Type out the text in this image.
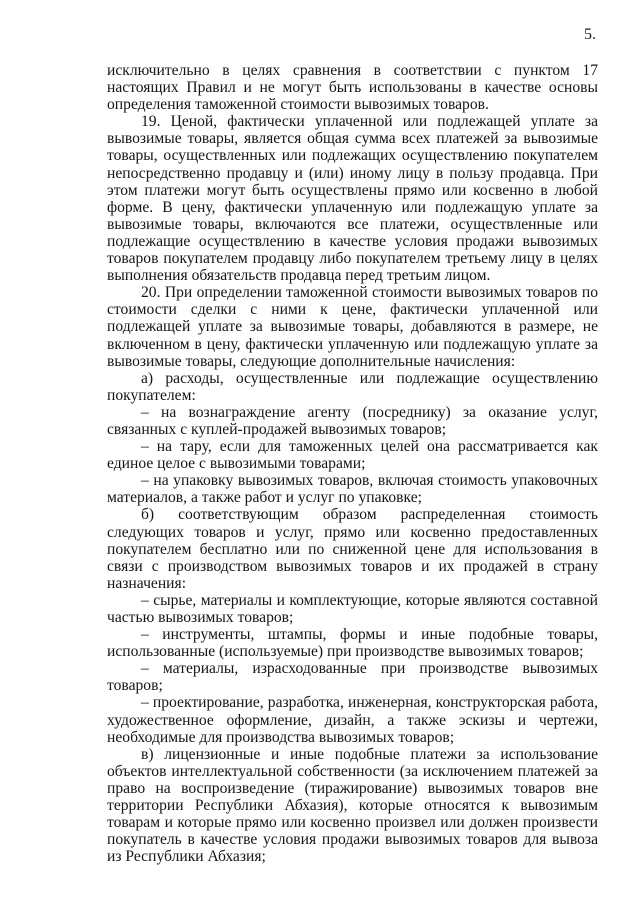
5.

исключительно в целях сравнения в соответствии с пунктом 17 настоящих Правил и не могут быть использованы в качестве основы определения таможенной стоимости вывозимых товаров.

19. Ценой, фактически уплаченной или подлежащей уплате за вывозимые товары, является общая сумма всех платежей за вывозимые товары, осуществленных или подлежащих осуществлению покупателем непосредственно продавцу и (или) иному лицу в пользу продавца. При этом платежи могут быть осуществлены прямо или косвенно в любой форме. В цену, фактически уплаченную или подлежащую уплате за вывозимые товары, включаются все платежи, осуществленные или подлежащие осуществлению в качестве условия продажи вывозимых товаров покупателем продавцу либо покупателем третьему лицу в целях выполнения обязательств продавца перед третьим лицом.

20. При определении таможенной стоимости вывозимых товаров по стоимости сделки с ними к цене, фактически уплаченной или подлежащей уплате за вывозимые товары, добавляются в размере, не включенном в цену, фактически уплаченную или подлежащую уплате за вывозимые товары, следующие дополнительные начисления:

а) расходы, осуществленные или подлежащие осуществлению покупателем:

– на вознаграждение агенту (посреднику) за оказание услуг, связанных с куплей-продажей вывозимых товаров;

– на тару, если для таможенных целей она рассматривается как единое целое с вывозимыми товарами;

– на упаковку вывозимых товаров, включая стоимость упаковочных материалов, а также работ и услуг по упаковке;

б) соответствующим образом распределенная стоимость следующих товаров и услуг, прямо или косвенно предоставленных покупателем бесплатно или по сниженной цене для использования в связи с производством вывозимых товаров и их продажей в страну назначения:

– сырье, материалы и комплектующие, которые являются составной частью вывозимых товаров;

– инструменты, штампы, формы и иные подобные товары, использованные (используемые) при производстве вывозимых товаров;

– материалы, израсходованные при производстве вывозимых товаров;

– проектирование, разработка, инженерная, конструкторская работа, художественное оформление, дизайн, а также эскизы и чертежи, необходимые для производства вывозимых товаров;

в) лицензионные и иные подобные платежи за использование объектов интеллектуальной собственности (за исключением платежей за право на воспроизведение (тиражирование) вывозимых товаров вне территории Республики Абхазия), которые относятся к вывозимым товарам и которые прямо или косвенно произвел или должен произвести покупатель в качестве условия продажи вывозимых товаров для вывоза из Республики Абхазия;
